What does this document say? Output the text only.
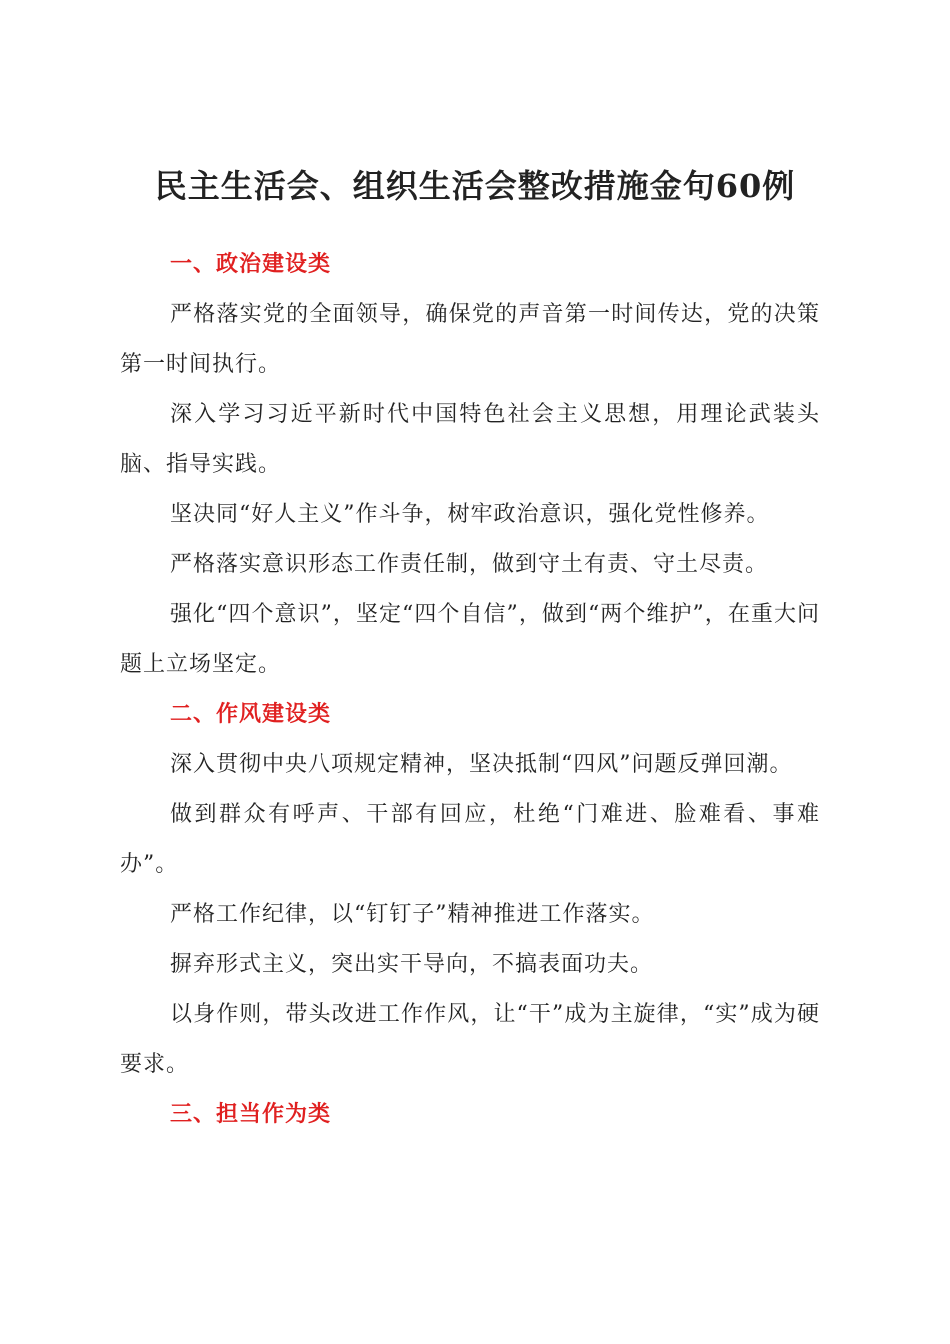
民主生活会、组织生活会整改措施金句60例
一、政治建设类

严格落实党的全面领导，确保党的声音第一时间传达，党的决策第一时间执行。

深入学习习近平新时代中国特色社会主义思想，用理论武装头脑、指导实践。

坚决同“好人主义”作斗争，树牢政治意识，强化党性修养。

严格落实意识形态工作责任制，做到守土有责、守土尽责。

强化“四个意识”，坚定“四个自信”，做到“两个维护”，在重大问题上立场坚定。

二、作风建设类

深入贯彻中央八项规定精神，坚决抵制“四风”问题反弹回潮。

做到群众有呼声、干部有回应，杜绝“门难进、脸难看、事难办”。

严格工作纪律，以“钉钉子”精神推进工作落实。

摒弃形式主义，突出实干导向，不搞表面功夫。

以身作则，带头改进工作作风，让“干”成为主旋律，“实”成为硬要求。

三、担当作为类
